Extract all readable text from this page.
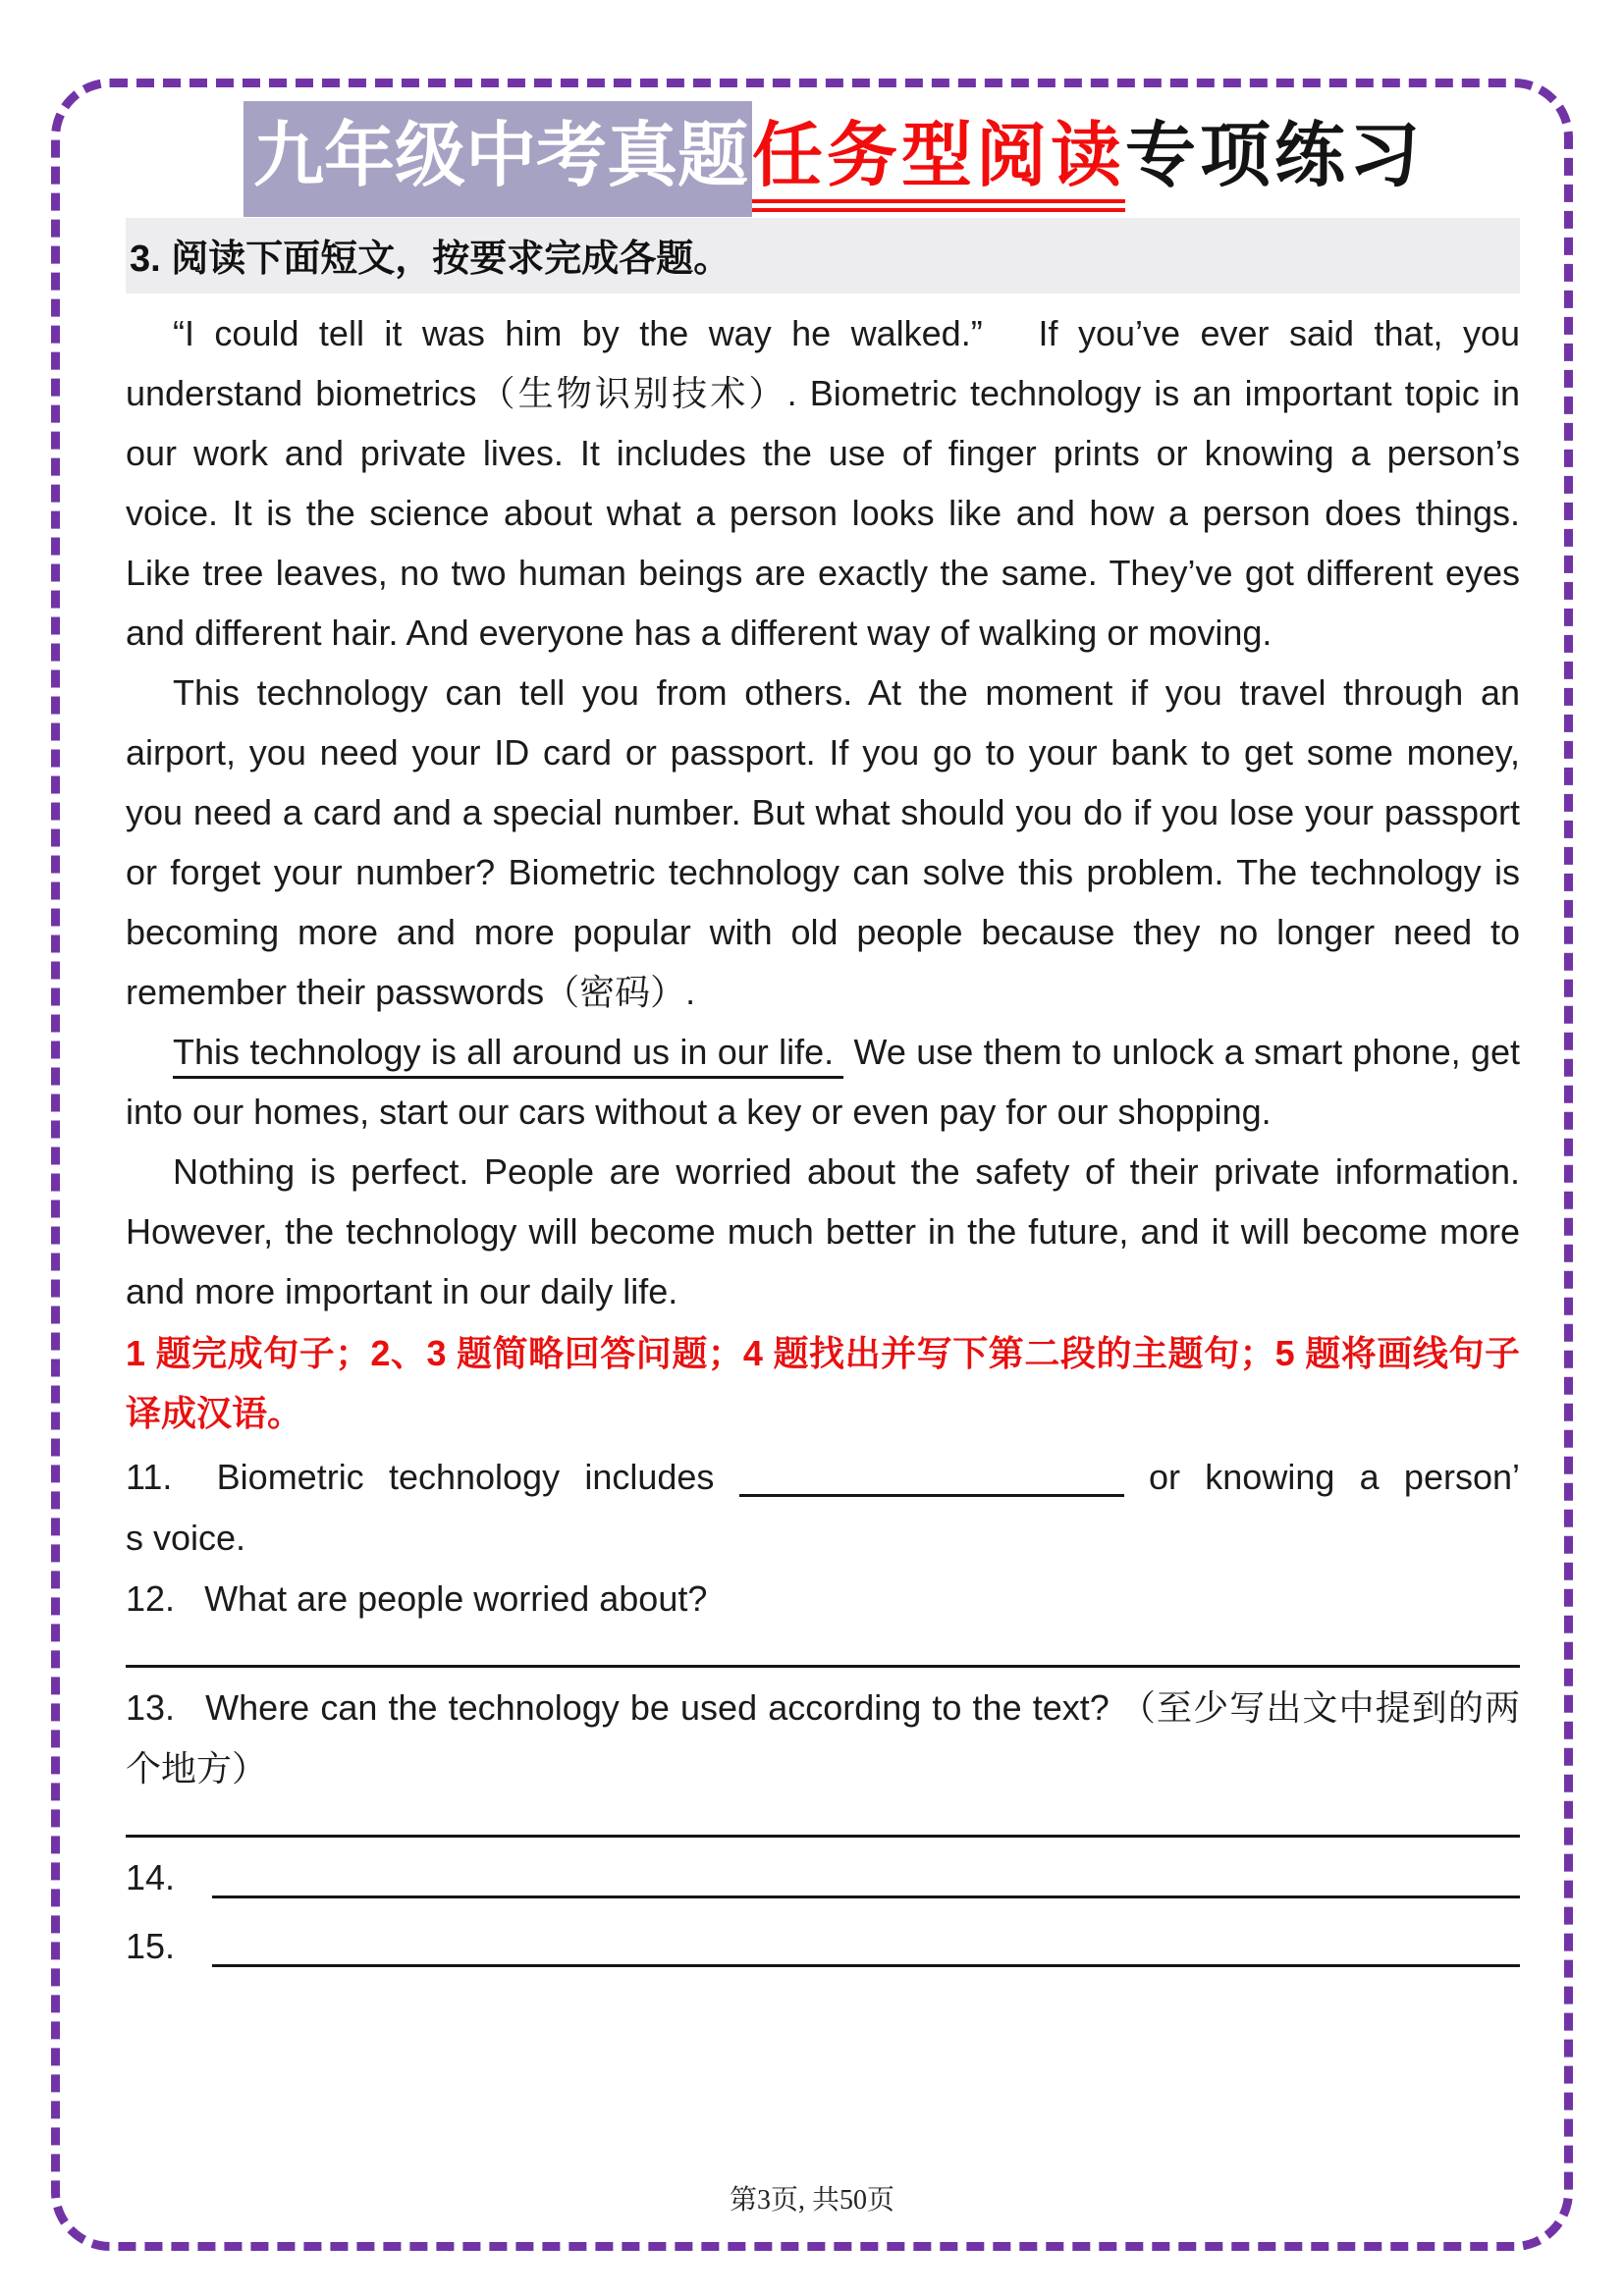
九年级中考真题任务型阅读专项练习
3. 阅读下面短文，按要求完成各题。

“I could tell it was him by the way he walked.”　If you’ve ever said that, you understand biometrics（生物识别技术）. Biometric technology is an important topic in our work and private lives. It includes the use of finger prints or knowing a person’​s voice. It is the science about what a person looks like and how a person does things. Like tree leaves, no two human beings are exactly the same. They’ve got different eyes and different hair. And everyone has a different way of walking or moving.

This technology can tell you from others. At the moment if you travel through an airport, you need your ID card or passport. If you go to your bank to get some money, you need a card and a special number. But what should you do if you lose your passport or forget your number? Biometric technology can solve this problem. The technology is becoming more and more popular with old people because they no longer need to remember their passwords（密码）.

This technology is all around us in our life. We use them to unlock a smart phone, get into our homes, start our cars without a key or even pay for our shopping.

Nothing is perfect. People are worried about the safety of their private information. However, the technology will become much better in the future, and it will become more and more important in our daily life.

1 题完成句子；2、3 题简略回答问题；4 题找出并写下第二段的主题句；5 题将画线句子译成汉语。

11. Biometric technology includes	or knowing a person’
s voice.
12. What are people worried about?
13. Where can the technology be used according to the text? （至少写出文中提到的两个地方）
14.
15.
第3页, 共50页
